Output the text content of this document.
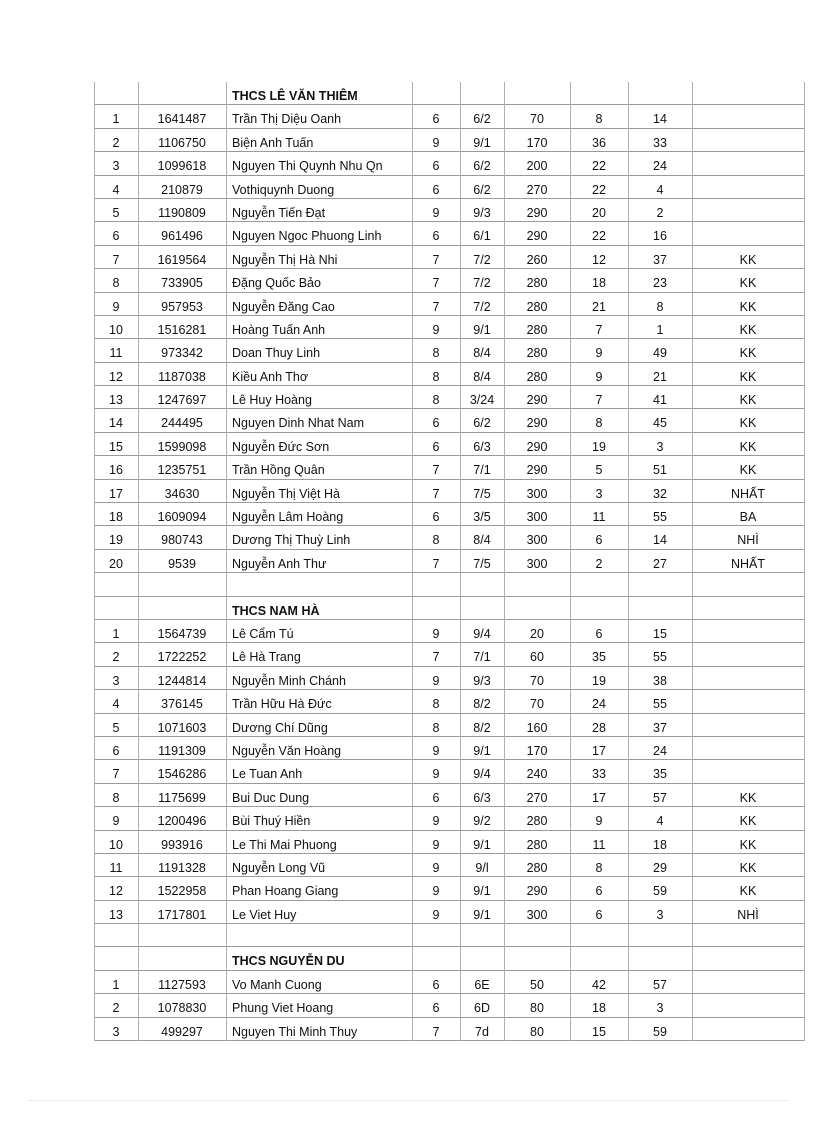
THCS LÊ VĂN THIÊM
1	1641487	Trần Thị Diệu Oanh	6	6/2	70	8	14
2	1106750	Biện Anh Tuấn	9	9/1	170	36	33
3	1099618	Nguyen Thi Quynh Nhu Qn	6	6/2	200	22	24
4	210879	Vothiquynh Duong	6	6/2	270	22	4
5	1190809	Nguyễn Tiến Đạt	9	9/3	290	20	2
6	961496	Nguyen Ngoc Phuong Linh	6	6/1	290	22	16
7	1619564	Nguyễn Thị Hà Nhi	7	7/2	260	12	37	KK
8	733905	Đặng Quốc Bảo	7	7/2	280	18	23	KK
9	957953	Nguyễn Đăng Cao	7	7/2	280	21	8	KK
10	1516281	Hoàng Tuấn Anh	9	9/1	280	7	1	KK
11	973342	Doan Thuy Linh	8	8/4	280	9	49	KK
12	1187038	Kiều Anh Thơ	8	8/4	280	9	21	KK
13	1247697	Lê Huy Hoàng	8	3/24	290	7	41	KK
14	244495	Nguyen Dinh Nhat Nam	6	6/2	290	8	45	KK
15	1599098	Nguyễn Đức Sơn	6	6/3	290	19	3	KK
16	1235751	Trần Hồng Quân	7	7/1	290	5	51	KK
17	34630	Nguyễn Thị Việt Hà	7	7/5	300	3	32	NHẤT
18	1609094	Nguyễn Lâm Hoàng	6	3/5	300	11	55	BA
19	980743	Dương Thị Thuỳ Linh	8	8/4	300	6	14	NHÌ
20	9539	Nguyễn Anh Thư	7	7/5	300	2	27	NHẤT
THCS NAM HÀ
1	1564739	Lê Cẩm Tú	9	9/4	20	6	15
2	1722252	Lê Hà Trang	7	7/1	60	35	55
3	1244814	Nguyễn Minh Chánh	9	9/3	70	19	38
4	376145	Trần Hữu Hà Đức	8	8/2	70	24	55
5	1071603	Dương Chí Dũng	8	8/2	160	28	37
6	1191309	Nguyễn Văn Hoàng	9	9/1	170	17	24
7	1546286	Le Tuan Anh	9	9/4	240	33	35
8	1175699	Bui Duc Dung	6	6/3	270	17	57	KK
9	1200496	Bùi Thuý Hiền	9	9/2	280	9	4	KK
10	993916	Le Thi Mai Phuong	9	9/1	280	11	18	KK
11	1191328	Nguyễn Long Vũ	9	9/l	280	8	29	KK
12	1522958	Phan Hoang Giang	9	9/1	290	6	59	KK
13	1717801	Le Viet Huy	9	9/1	300	6	3	NHÌ
THCS NGUYỄN DU
1	1127593	Vo Manh Cuong	6	6E	50	42	57
2	1078830	Phung Viet Hoang	6	6D	80	18	3
3	499297	Nguyen Thi Minh Thuy	7	7d	80	15	59
